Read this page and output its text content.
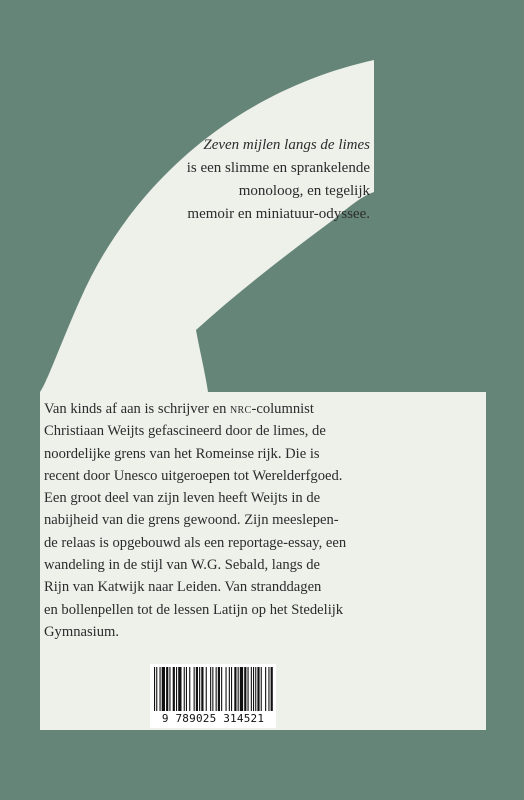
Zeven mijlen langs de limes
is een slimme en sprankelende
monoloog, en tegelijk
memoir en miniatuur-odyssee.
Van kinds af aan is schrijver en nrc-columnist
Christiaan Weijts gefascineerd door de limes, de
noordelijke grens van het Romeinse rijk. Die is
recent door Unesco uitgeroepen tot Werelderfgoed.
Een groot deel van zijn leven heeft Weijts in de
nabijheid van die grens gewoond. Zijn meeslepen-
de relaas is opgebouwd als een reportage-essay, een
wandeling in de stijl van W.G. Sebald, langs de
Rijn van Katwijk naar Leiden. Van stranddagen
en bollenpellen tot de lessen Latijn op het Stedelijk
Gymnasium.
9 789025 314521
